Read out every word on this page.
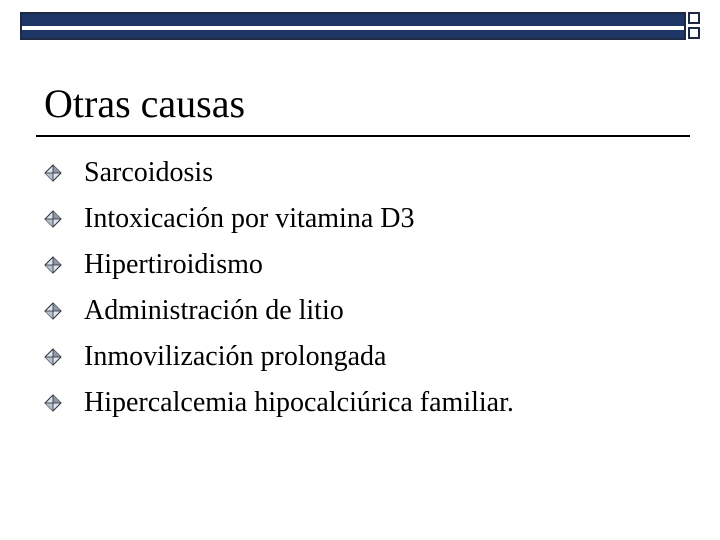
Otras causas
Sarcoidosis
Intoxicación por vitamina D3
Hipertiroidismo
Administración de litio
Inmovilización prolongada
Hipercalcemia hipocalciúrica familiar.
